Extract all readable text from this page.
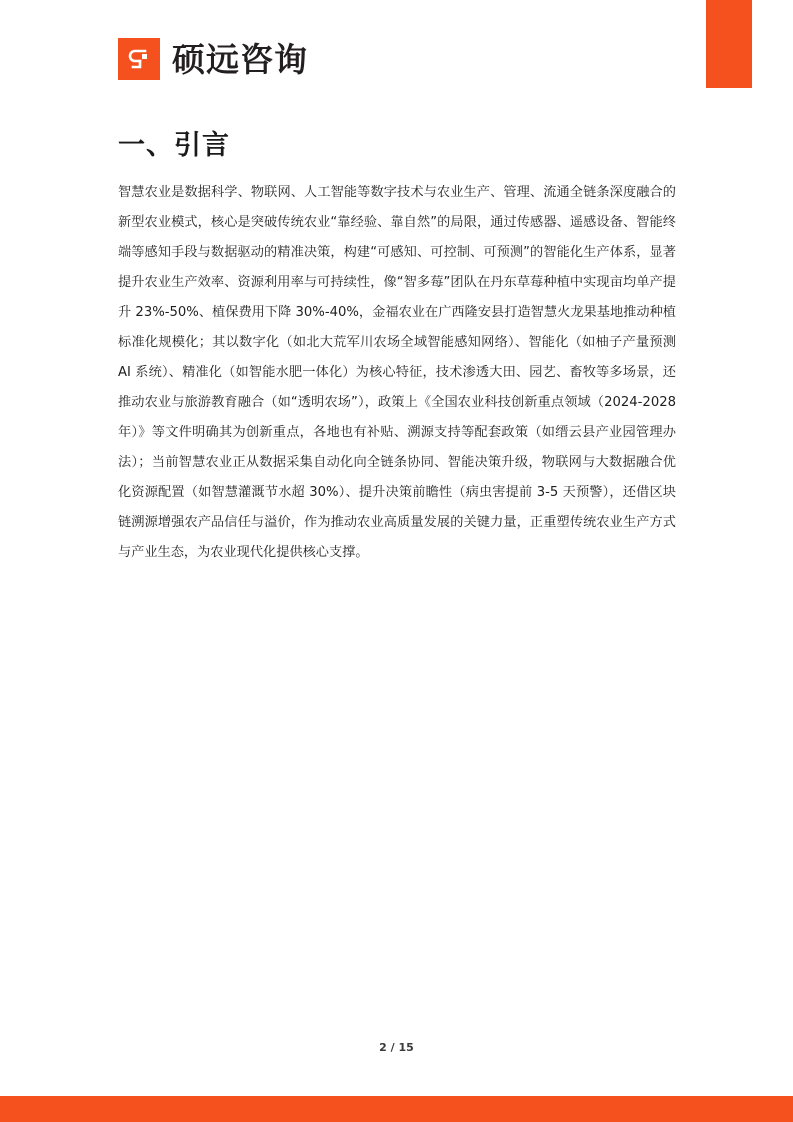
硕远咨询
一、引言

智慧农业是数据科学、物联网、人工智能等数字技术与农业生产、管理、流通全链条深度融合的新型农业模式，核心是突破传统农业“靠经验、靠自然”的局限，通过传感器、遥感设备、智能终端等感知手段与数据驱动的精准决策，构建“可感知、可控制、可预测”的智能化生产体系，显著提升农业生产效率、资源利用率与可持续性，像“智多莓”团队在丹东草莓种植中实现亩均单产提升 23%-50%、植保费用下降 30%-40%，金福农业在广西隆安县打造智慧火龙果基地推动种植标准化规模化；其以数字化（如北大荒军川农场全域智能感知网络）、智能化（如柚子产量预测 AI 系统）、精准化（如智能水肥一体化）为核心特征，技术渗透大田、园艺、畜牧等多场景，还推动农业与旅游教育融合（如“透明农场”），政策上《全国农业科技创新重点领域（2024-2028 年）》等文件明确其为创新重点，各地也有补贴、溯源支持等配套政策（如缙云县产业园管理办法）；当前智慧农业正从数据采集自动化向全链条协同、智能决策升级，物联网与大数据融合优化资源配置（如智慧灌溉节水超 30%）、提升决策前瞻性（病虫害提前 3-5 天预警），还借区块链溯源增强农产品信任与溢价，作为推动农业高质量发展的关键力量，正重塑传统农业生产方式与产业生态，为农业现代化提供核心支撑。

2 / 15
